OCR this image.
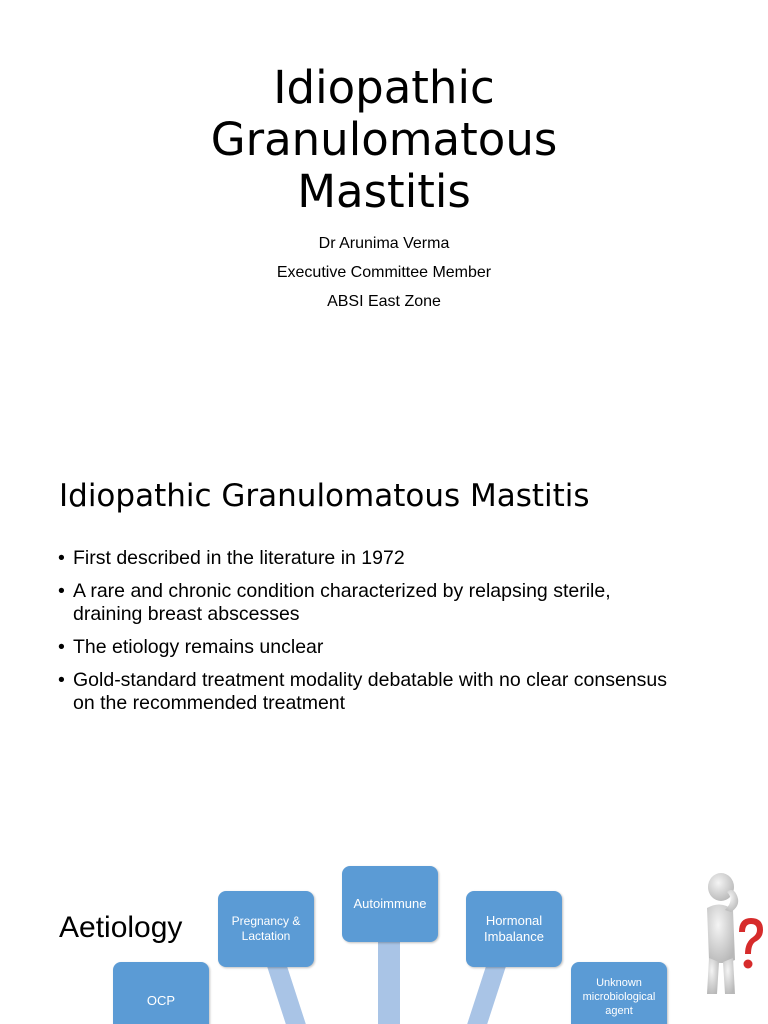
Idiopathic
Granulomatous
Mastitis
Dr Arunima Verma
Executive Committee Member
ABSI East Zone
Idiopathic Granulomatous Mastitis
• First described in the literature in 1972
• A rare and chronic condition characterized by relapsing sterile,
draining breast abscesses
• The etiology remains unclear
• Gold-standard treatment modality debatable with no clear consensus
on the recommended treatment
Aetiology
Autoimmune
Pregnancy &
Lactation
Hormonal
Imbalance
OCP
Unknown
microbiological
agent
